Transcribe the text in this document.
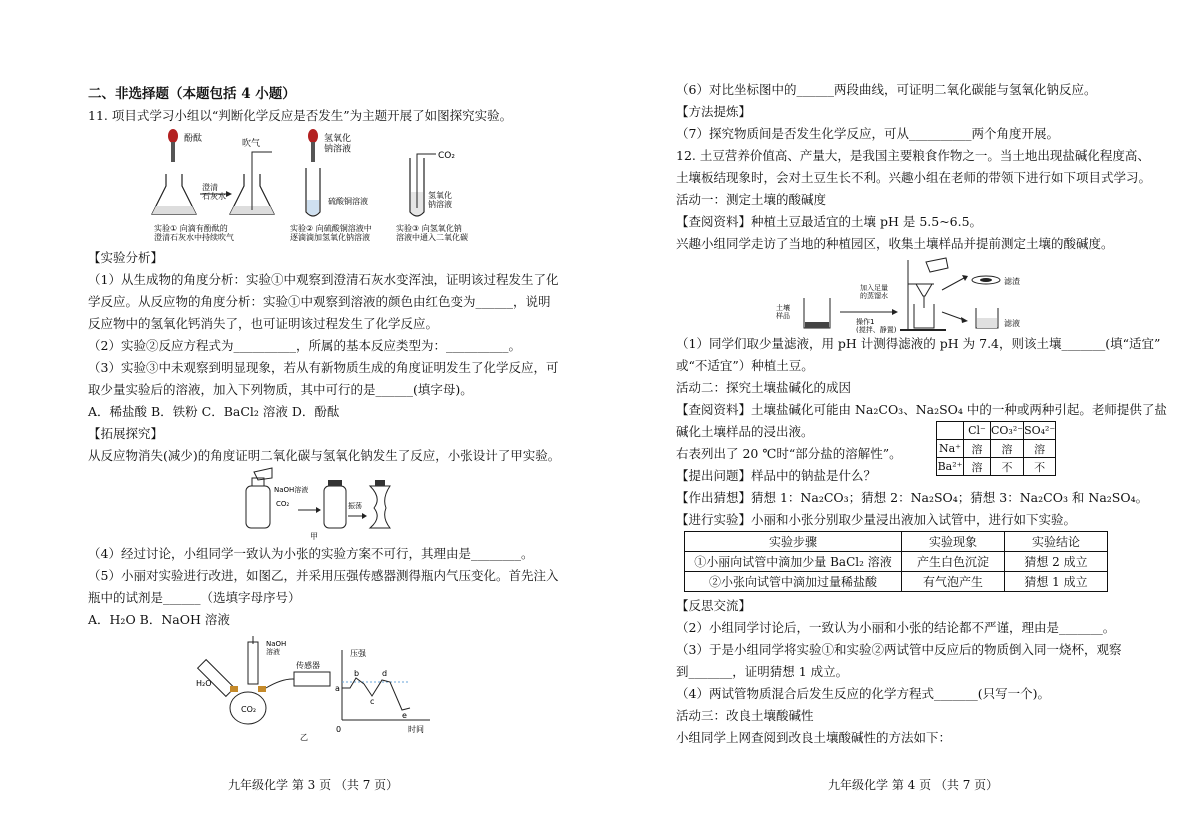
二、非选择题（本题包括 4 小题）
11. 项目式学习小组以“判断化学反应是否发生”为主题开展了如图探究实验。
酚酞
澄清石灰水
吹气	氢氧化钠溶液
硫酸铜溶液
CO₂
氢氧化钠溶液
实验① 向滴有酚酞的澄清石灰水中持续吹气
实验② 向硫酸铜溶液中逐滴滴加氢氧化钠溶液
实验③ 向氢氧化钠溶液中通入二氧化碳
【实验分析】
（1）从生成物的角度分析：实验①中观察到澄清石灰水变浑浊，证明该过程发生了化
学反应。从反应物的角度分析：实验①中观察到溶液的颜色由红色变为______，说明
反应物中的氢氧化钙消失了，也可证明该过程发生了化学反应。
（2）实验②反应方程式为__________，所属的基本反应类型为：__________。
（3）实验③中未观察到明显现象，若从有新物质生成的角度证明发生了化学反应，可
取少量实验后的溶液，加入下列物质，其中可行的是______(填字母)。
A．稀盐酸 B．铁粉 C．BaCl₂ 溶液 D．酚酞
【拓展探究】
从反应物消失(减少)的角度证明二氧化碳与氢氧化钠发生了反应，小张设计了甲实验。
NaOH溶液
CO₂	振荡
甲
（4）经过讨论，小组同学一致认为小张的实验方案不可行，其理由是________。
（5）小丽对实验进行改进，如图乙，并采用压强传感器测得瓶内气压变化。首先注入
瓶中的试剂是______（选填字母序号）
A．H₂O B．NaOH 溶液
H₂O
NaOH 溶液
CO₂
传感器
乙
压强
时间
0
a
b
c
d
e
九年级化学 第 3 页 （共 7 页）
（6）对比坐标图中的______两段曲线，可证明二氧化碳能与氢氧化钠反应。
【方法提炼】
（7）探究物质间是否发生化学反应，可从__________两个角度开展。
12. 土豆营养价值高、产量大，是我国主要粮食作物之一。当土地出现盐碱化程度高、
土壤板结现象时，会对土豆生长不利。兴趣小组在老师的带领下进行如下项目式学习。
活动一：测定土壤的酸碱度
【查阅资料】种植土豆最适宜的土壤 pH 是 5.5~6.5。
兴趣小组同学走访了当地的种植园区，收集土壤样品并提前测定土壤的酸碱度。
土壤样品
加入足量的蒸馏水
操作1 (搅拌、静置)
滤渣
滤液
（1）同学们取少量滤液，用 pH 计测得滤液的 pH 为 7.4，则该土壤_______(填“适宜”
或“不适宜”）种植土豆。
活动二：探究土壤盐碱化的成因
【查阅资料】土壤盐碱化可能由 Na₂CO₃、Na₂SO₄ 中的一种或两种引起。老师提供了盐
碱化土壤样品的浸出液。
右表列出了 20 ℃时“部分盐的溶解性”。
【提出问题】样品中的钠盐是什么？
	Cl⁻	CO₃²⁻	SO₄²⁻
Na⁺	溶	溶	溶
Ba²⁺	溶	不	不
【作出猜想】猜想 1：Na₂CO₃；猜想 2：Na₂SO₄；猜想 3：Na₂CO₃ 和 Na₂SO₄。
【进行实验】小丽和小张分别取少量浸出液加入试管中，进行如下实验。
实验步骤	实验现象	实验结论
①小丽向试管中滴加少量 BaCl₂ 溶液	产生白色沉淀	猜想 2 成立
②小张向试管中滴加过量稀盐酸	有气泡产生	猜想 1 成立
【反思交流】
（2）小组同学讨论后，一致认为小丽和小张的结论都不严谨，理由是_______。
（3）于是小组同学将实验①和实验②两试管中反应后的物质倒入同一烧杯，观察
到_______，证明猜想 1 成立。
（4）两试管物质混合后发生反应的化学方程式_______(只写一个)。
活动三：改良土壤酸碱性
小组同学上网查阅到改良土壤酸碱性的方法如下：
九年级化学 第 4 页 （共 7 页）
